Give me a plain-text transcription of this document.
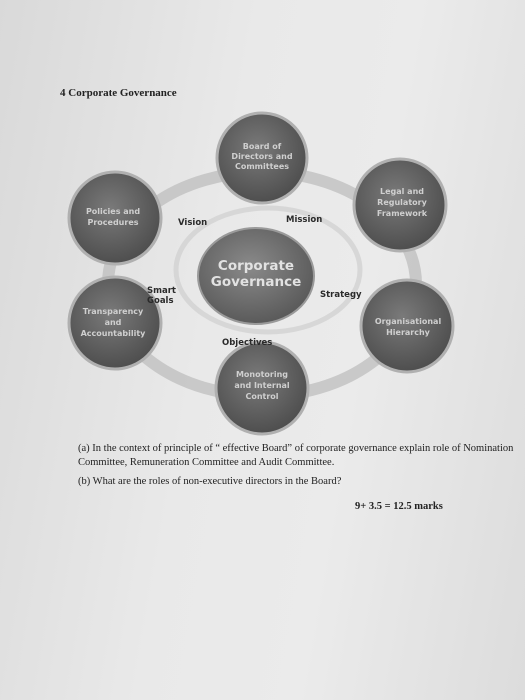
4 Corporate Governance
Corporate
Governance
Board of
Directors and
Committees
Legal and
Regulatory
Framework
Organisational
Hierarchy
Monotoring
and Internal
Control
Transparency
and
Accountability
Policies and
Procedures	Vision	Mission
Strategy
Objectives
Smart
Goals
(a) In the context of principle of “ effective Board” of corporate governance explain role of Nomination
Committee, Remuneration Committee and Audit Committee.
(b) What are the roles of non-executive directors in the Board?
9+ 3.5 = 12.5 marks
